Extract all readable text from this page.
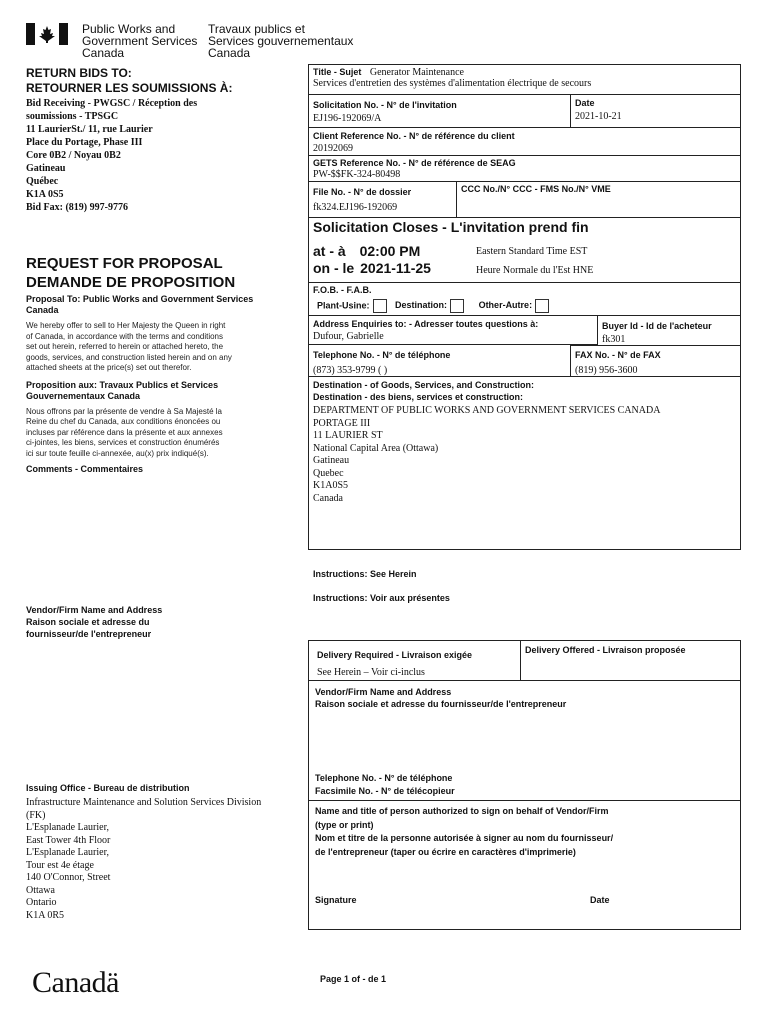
Public Works and
Government Services
Canada
Travaux publics et
Services gouvernementaux
Canada
RETURN BIDS TO:
RETOURNER LES SOUMISSIONS À:
Bid Receiving - PWGSC / Réception des
soumissions - TPSGC
11 LaurierSt./ 11, rue Laurier
Place du Portage, Phase III
Core 0B2 / Noyau 0B2
Gatineau
Québec
K1A 0S5
Bid Fax: (819) 997-9776
REQUEST FOR PROPOSAL
DEMANDE DE PROPOSITION
Proposal To: Public Works and Government Services Canada
We hereby offer to sell to Her Majesty the Queen in right
of Canada, in accordance with the terms and conditions
set out herein, referred to herein or attached hereto, the
goods, services, and construction listed herein and on any
attached sheets at the price(s) set out therefor.
Proposition aux: Travaux Publics et Services Gouvernementaux Canada
Nous offrons par la présente de vendre à Sa Majesté la
Reine du chef du Canada, aux conditions énoncées ou
incluses par référence dans la présente et aux annexes
ci-jointes, les biens, services et construction énumérés
ici sur toute feuille ci-annexée, au(x) prix indiqué(s).
Comments - Commentaires
Vendor/Firm Name and Address
Raison sociale et adresse du
fournisseur/de l'entrepreneur
Issuing Office - Bureau de distribution
Infrastructure Maintenance and Solution Services Division
(FK)
L'Esplanade Laurier,
East Tower 4th Floor
L'Esplanade Laurier,
Tour est 4e étage
140 O'Connor, Street
Ottawa
Ontario
K1A 0R5
Title - Sujet Generator Maintenance
Services d'entretien des systèmes d'alimentation électrique de secours
Solicitation No. - N° de l'invitation
EJ196-192069/A
Date
2021-10-21
Client Reference No. - N° de référence du client
20192069
GETS Reference No. - N° de référence de SEAG
PW-$$FK-324-80498
File No. - N° de dossier
fk324.EJ196-192069
CCC No./N° CCC - FMS No./N° VME
Solicitation Closes - L'invitation prend fin
at - à 02:00 PM
on - le 2021-11-25
Eastern Standard Time EST
Heure Normale du l'Est HNE
F.O.B. - F.A.B.
Plant-Usine:	Destination:	Other-Autre:
Address Enquiries to: - Adresser toutes questions à:
Dufour, Gabrielle
Buyer Id - Id de l'acheteur
fk301
Telephone No. - N° de téléphone
(873) 353-9799 ( )
FAX No. - N° de FAX
(819) 956-3600
Destination - of Goods, Services, and Construction:
Destination - des biens, services et construction:
DEPARTMENT OF PUBLIC WORKS AND GOVERNMENT SERVICES CANADA
PORTAGE III
11 LAURIER ST
National Capital Area (Ottawa)
Gatineau
Quebec
K1A0S5
Canada
Instructions: See Herein
Instructions: Voir aux présentes
Delivery Required - Livraison exigée
See Herein – Voir ci-inclus
Delivery Offered - Livraison proposée
Vendor/Firm Name and Address
Raison sociale et adresse du fournisseur/de l'entrepreneur
Telephone No. - N° de téléphone
Facsimile No. - N° de télécopieur
Name and title of person authorized to sign on behalf of Vendor/Firm
(type or print)
Nom et titre de la personne autorisée à signer au nom du fournisseur/
de l'entrepreneur (taper ou écrire en caractères d'imprimerie)
Signature	Date
Canadä	Page 1 of - de 1
